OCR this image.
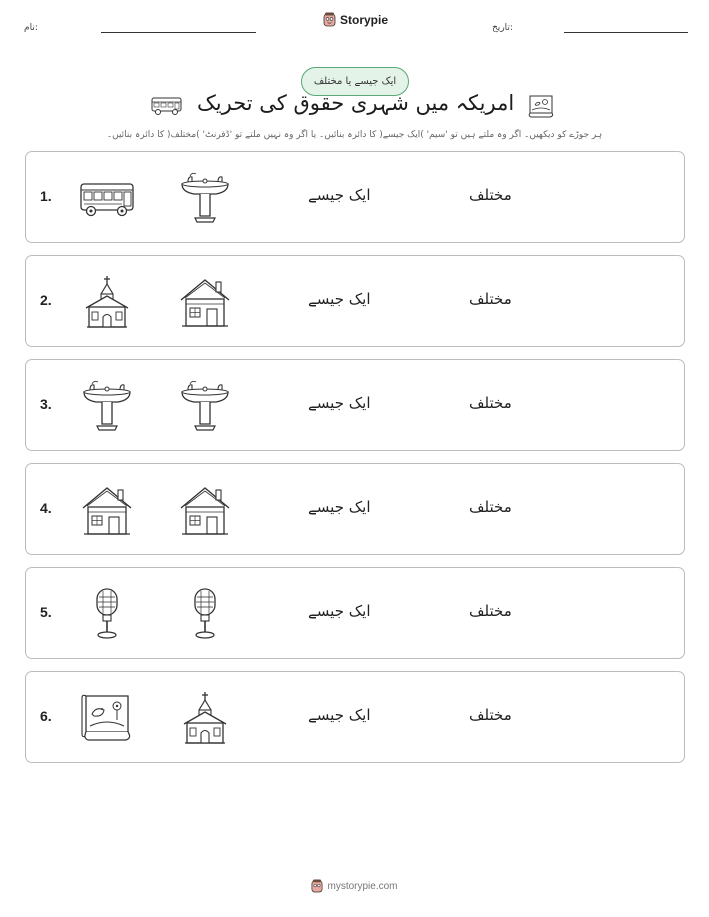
نام:
Storypie
تاریخ:
ایک جیسے یا مختلف
امریکہ میں شہری حقوق کی تحریک
ہر جوڑے کو دیکھیں۔ اگر وہ ملتے ہیں تو 'سیم' )ایک جیسے( کا دائرہ بنائیں۔ یا اگر وہ نہیں ملتے تو 'ڈفرنٹ' )مختلف( کا دائرہ بنائیں۔
1.	ایک جیسے	مختلف
2.	ایک جیسے	مختلف
3.	ایک جیسے	مختلف
4.	ایک جیسے	مختلف
5.	ایک جیسے	مختلف
6.	ایک جیسے	مختلف
mystorypie.com
